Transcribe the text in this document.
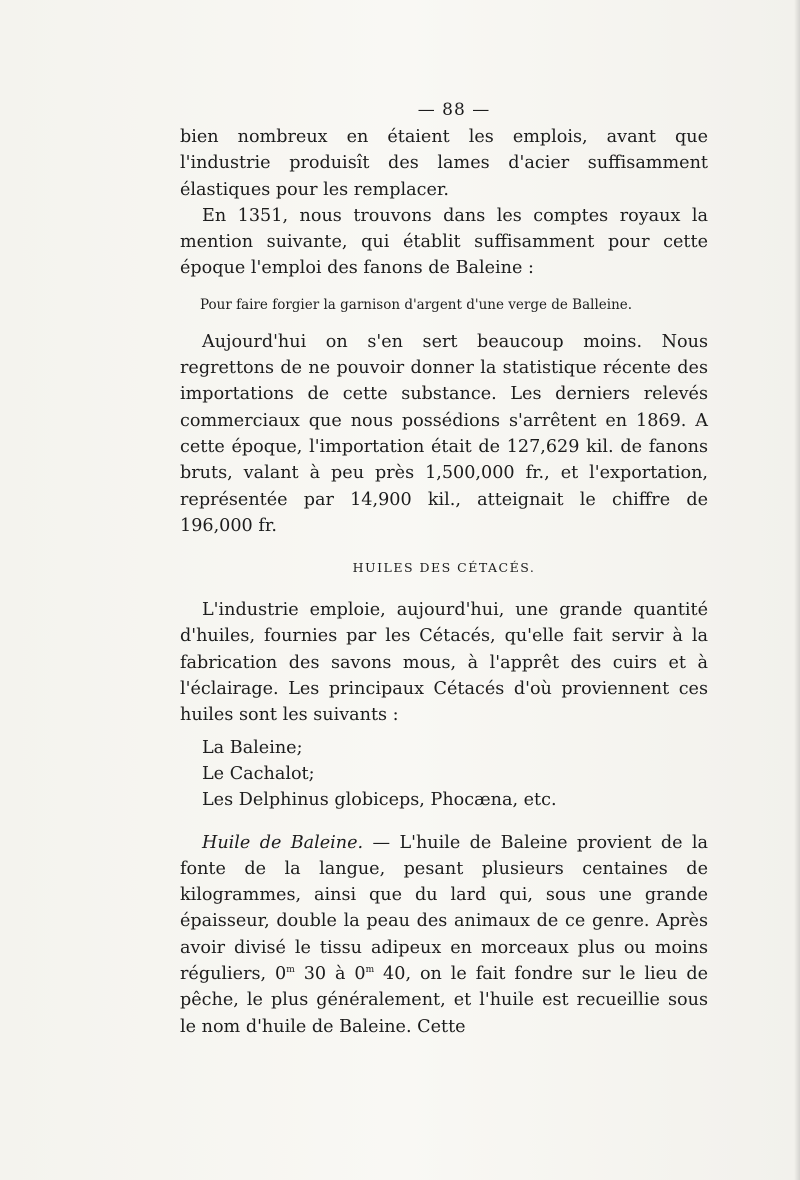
— 88 —

bien nombreux en étaient les emplois, avant que l'industrie produisît des lames d'acier suffisamment élastiques pour les remplacer.

En 1351, nous trouvons dans les comptes royaux la mention suivante, qui établit suffisamment pour cette époque l'emploi des fanons de Baleine :

Pour faire forgier la garnison d'argent d'une verge de Balleine.

Aujourd'hui on s'en sert beaucoup moins. Nous regrettons de ne pouvoir donner la statistique récente des importations de cette substance. Les derniers relevés commerciaux que nous possédions s'arrêtent en 1869. A cette époque, l'importation était de 127,629 kil. de fanons bruts, valant à peu près 1,500,000 fr., et l'exportation, représentée par 14,900 kil., atteignait le chiffre de 196,000 fr.

HUILES DES CÉTACÉS.

L'industrie emploie, aujourd'hui, une grande quantité d'huiles, fournies par les Cétacés, qu'elle fait servir à la fabrication des savons mous, à l'apprêt des cuirs et à l'éclairage. Les principaux Cétacés d'où proviennent ces huiles sont les suivants :

La Baleine;
Le Cachalot;
Les Delphinus globiceps, Phocæna, etc.

Huile de Baleine. — L'huile de Baleine provient de la fonte de la langue, pesant plusieurs centaines de kilogrammes, ainsi que du lard qui, sous une grande épaisseur, double la peau des animaux de ce genre. Après avoir divisé le tissu adipeux en morceaux plus ou moins réguliers, 0$^m$ 30 à 0$^m$ 40, on le fait fondre sur le lieu de pêche, le plus généralement, et l'huile est recueillie sous le nom d'huile de Baleine. Cette
